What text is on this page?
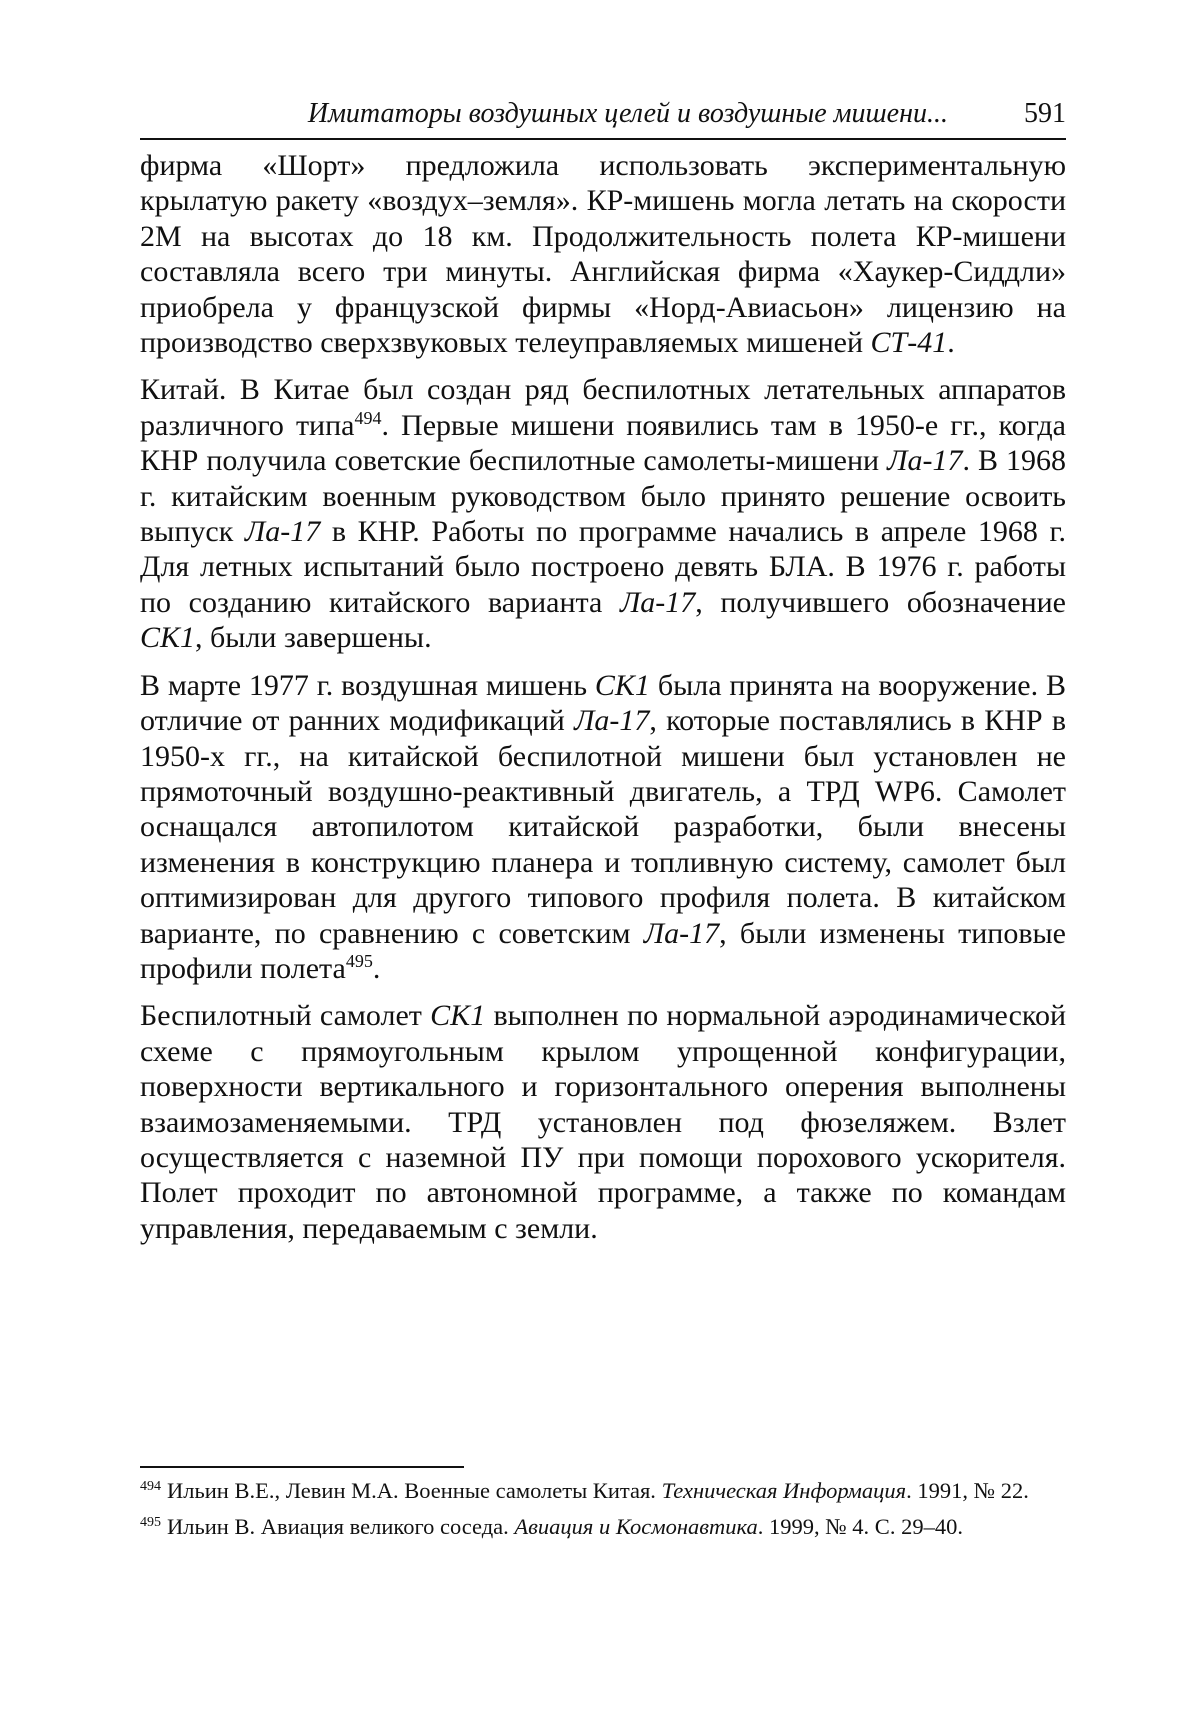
Имитаторы воздушных целей и воздушные мишени...	591

фирма «Шорт» предложила использовать экспериментальную крылатую ракету «воздух–земля». КР-мишень могла летать на скорости 2М на высотах до 18 км. Продолжительность полета КР-мишени составляла всего три минуты. Английская фирма «Хаукер-Сиддли» приобрела у французской фирмы «Норд-Авиасьон» лицензию на производство сверхзвуковых телеуправ­ляемых мишеней СТ-41.

Китай. В Китае был создан ряд беспилотных летательных аппа­ратов различного типа494. Первые мишени появились там в 1950-е гг., когда КНР получила советские беспилотные самоле­ты-мишени Ла-17. В 1968 г. китайским военным руководством было принято решение освоить выпуск Ла-17 в КНР. Работы по программе начались в апреле 1968 г. Для летных испытаний бы­ло построено девять БЛА. В 1976 г. работы по созданию китай­ского варианта Ла-17, получившего обозначение CK1, были за­вершены.

В марте 1977 г. воздушная мишень CK1 была принята на воору­жение. В отличие от ранних модификаций Ла-17, которые по­ставлялись в КНР в 1950-х гг., на китайской беспилотной ми­шени был установлен не прямоточный воздушно-реактивный двигатель, а ТРД WP6. Самолет оснащался автопилотом китай­ской разработки, были внесены изменения в конструкцию пла­нера и топливную систему, самолет был оптимизирован для другого типового профиля полета. В китайском варианте, по сравнению с советским Ла-17, были изменены типовые профи­ли полета495.

Беспилотный самолет CK1 выполнен по нормальной аэродина­мической схеме с прямоугольным крылом упрощенной конфи­гурации, поверхности вертикального и горизонтального опере­ния выполнены взаимозаменяемыми. ТРД установлен под фю­зеляжем. Взлет осуществляется с наземной ПУ при помощи по­рохового ускорителя. Полет проходит по автономной програм­ме, а также по командам управления, передаваемым с земли.

494 Ильин В.Е., Левин М.А. Военные самолеты Китая. Техническая Информация. 1991, № 22.

495 Ильин В. Авиация великого соседа. Авиация и Космонавтика. 1999, № 4. С. 29–40.
